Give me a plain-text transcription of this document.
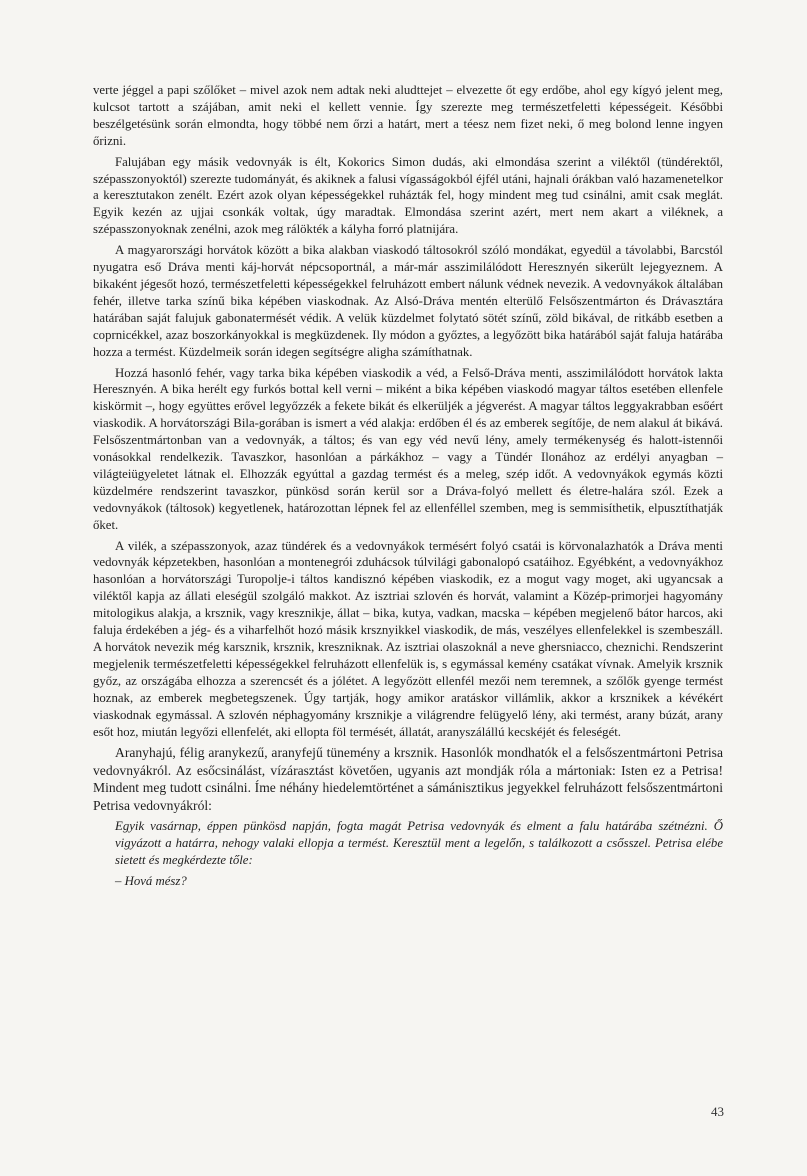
verte jéggel a papi szőlőket – mivel azok nem adtak neki aludttejet – elvezette őt egy erdőbe, ahol egy kígyó jelent meg, kulcsot tartott a szájában, amit neki el kellett vennie. Így szerezte meg természetfeletti képességeit. Későbbi beszélgetésünk során elmondta, hogy többé nem őrzi a határt, mert a téesz nem fizet neki, ő meg bolond lenne ingyen őrizni.

Falujában egy másik vedovnyák is élt, Kokorics Simon dudás, aki elmondása szerint a viléktől (tündérektől, szépasszonyoktól) szerezte tudományát, és akiknek a falusi vígasságokból éjfél utáni, hajnali órákban való hazamenetelkor a keresztutakon zenélt. Ezért azok olyan képességekkel ruházták fel, hogy mindent meg tud csinálni, amit csak meglát. Egyik kezén az ujjai csonkák voltak, úgy maradtak. Elmondása szerint azért, mert nem akart a viléknek, a szépasszonyoknak zenélni, azok meg rálökték a kályha forró platnijára.

A magyarországi horvátok között a bika alakban viaskodó táltosokról szóló mondákat, egyedül a távolabbi, Barcstól nyugatra eső Dráva menti káj-horvát népcsoportnál, a már-már asszimilálódott Heresznyén sikerült lejegyeznem. A bikaként jégesőt hozó, természetfeletti képességekkel felruházott embert nálunk védnek nevezik. A vedovnyákok általában fehér, illetve tarka színű bika képében viaskodnak. Az Alsó-Dráva mentén elterülő Felsőszentmárton és Drávasztára határában saját falujuk gabonatermését védik. A velük küzdelmet folytató sötét színű, zöld bikával, de ritkább esetben a coprnicékkel, azaz boszorkányokkal is megküzdenek. Ily módon a győztes, a legyőzött bika határából saját faluja határába hozza a termést. Küzdelmeik során idegen segítségre aligha számíthatnak.

Hozzá hasonló fehér, vagy tarka bika képében viaskodik a véd, a Felső-Dráva menti, asszimilálódott horvátok lakta Heresznyén. A bika herélt egy furkós bottal kell verni – miként a bika képében viaskodó magyar táltos esetében ellenfele kiskörmit –, hogy együttes erővel legyőzzék a fekete bikát és elkerüljék a jégverést. A magyar táltos leggyakrabban esőért viaskodik. A horvátországi Bila-gorában is ismert a véd alakja: erdőben él és az emberek segítője, de nem alakul át bikává. Felsőszentmártonban van a vedovnyák, a táltos; és van egy véd nevű lény, amely termékenység és halott-istennői vonásokkal rendelkezik. Tavaszkor, hasonlóan a párkákhoz – vagy a Tündér Ilonához az erdélyi anyagban – világteiügyeletet látnak el. Elhozzák egyúttal a gazdag termést és a meleg, szép időt. A vedovnyákok egymás közti küzdelmére rendszerint tavaszkor, pünkösd során kerül sor a Dráva-folyó mellett és életre-halára szól. Ezek a vedovnyákok (táltosok) kegyetlenek, határozottan lépnek fel az ellenféllel szemben, meg is semmisíthetik, elpusztíthatják őket.

A vilék, a szépasszonyok, azaz tündérek és a vedovnyákok termésért folyó csatái is körvonalazhatók a Dráva menti vedovnyák képzetekben, hasonlóan a montenegrói zduhácsok túlvilági gabonalopó csatáihoz. Egyébként, a vedovnyákhoz hasonlóan a horvátországi Turopolje-i táltos kandisznó képében viaskodik, ez a mogut vagy moget, aki ugyancsak a viléktől kapja az állati eleségül szolgáló makkot. Az isztriai szlovén és horvát, valamint a Közép-primorjei hagyomány mitologikus alakja, a krsznik, vagy kresznikje, állat – bika, kutya, vadkan, macska – képében megjelenő bátor harcos, aki faluja érdekében a jég- és a viharfelhőt hozó másik krsznyikkel viaskodik, de más, veszélyes ellenfelekkel is szembeszáll. A horvátok nevezik még karsznik, krsznik, kreszniknak. Az isztriai olaszoknál a neve ghersniacco, cheznichi. Rendszerint megjelenik természetfeletti képességekkel felruházott ellenfelük is, s egymással kemény csatákat vívnak. Amelyik krsznik győz, az országába elhozza a szerencsét és a jólétet. A legyőzött ellenfél mezői nem teremnek, a szőlők gyenge termést hoznak, az emberek megbetegszenek. Úgy tartják, hogy amikor aratáskor villámlik, akkor a krsznikek a kévékért viaskodnak egymással. A szlovén néphagyomány krsznikje a világrendre felügyelő lény, aki termést, arany búzát, arany esőt hoz, miután legyőzi ellenfelét, aki ellopta föl termését, állatát, aranyszálállú kecskéjét és feleségét.

Aranyhajú, félig aranykezű, aranyfejű tünemény a krsznik. Hasonlók mondhatók el a felsőszentmártoni Petrisa vedovnyákról. Az esőcsinálást, vízárasztást követően, ugyanis azt mondják róla a mártoniak: Isten ez a Petrisa! Mindent meg tudott csinálni. Íme néhány hiedelemtörténet a sámánisztikus jegyekkel felruházott felsőszentmártoni Petrisa vedovnyákról:

Egyik vasárnap, éppen pünkösd napján, fogta magát Petrisa vedovnyák és elment a falu határába szétnézni. Ő vigyázott a határra, nehogy valaki ellopja a termést. Keresztül ment a legelőn, s találkozott a csősszel. Petrisa elébe sietett és megkérdezte tőle:

– Hová mész?

43
